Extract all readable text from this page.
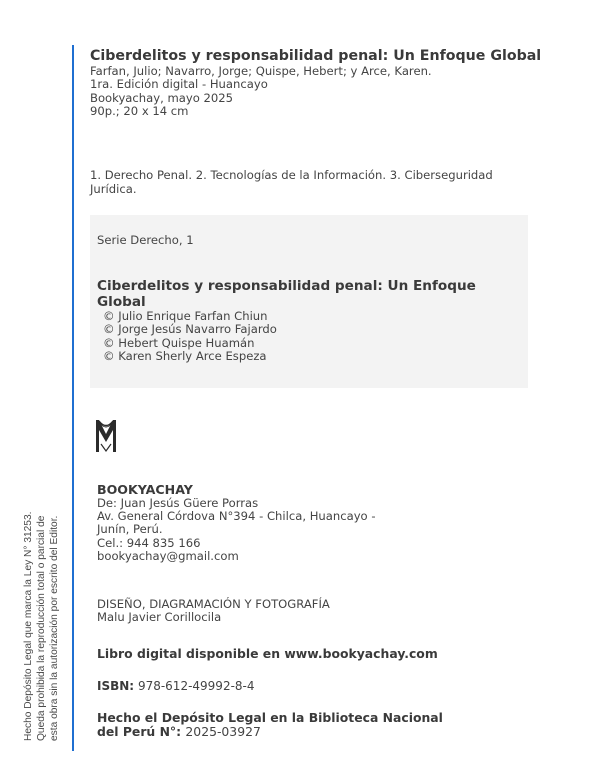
Hecho Depósito Legal que marca la Ley N° 31253. Queda prohibida la reproducción total o parcial de esta obra sin la autorización por escrito del Editor.
Ciberdelitos y responsabilidad penal: Un Enfoque Global
Farfan, Julio; Navarro, Jorge; Quispe, Hebert; y Arce, Karen.
1ra. Edición digital - Huancayo
Bookyachay, mayo 2025
90p.; 20 x 14 cm
1. Derecho Penal. 2. Tecnologías de la Información. 3. Ciberseguridad
Jurídica.
Serie Derecho, 1
Ciberdelitos y responsabilidad penal: Un Enfoque
Global
© Julio Enrique Farfan Chiun
© Jorge Jesús Navarro Fajardo
© Hebert Quispe Huamán
© Karen Sherly Arce Espeza
BOOKYACHAY
De: Juan Jesús Güere Porras
Av. General Córdova N°394 - Chilca, Huancayo -
Junín, Perú.
Cel.: 944 835 166
bookyachay@gmail.com
DISEÑO, DIAGRAMACIÓN Y FOTOGRAFÍA
Malu Javier Corillocila
Libro digital disponible en www.bookyachay.com
ISBN: 978-612-49992-8-4
Hecho el Depósito Legal en la Biblioteca Nacional
del Perú N°: 2025-03927
